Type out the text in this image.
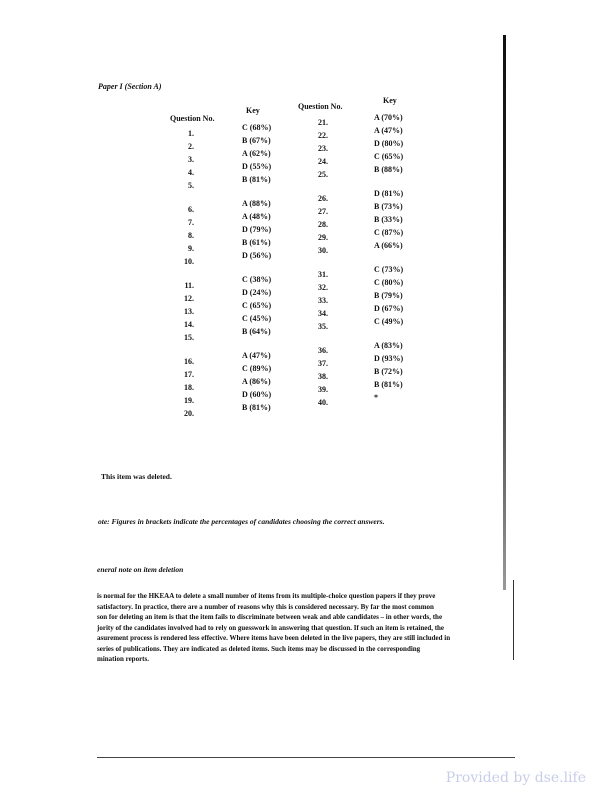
Paper I (Section A)
Question No.
Key	Question No.
Key
1.
2.
3.
4.
5.
6.
7.
8.
9.
10.
11.
12.
13.
14.
15.
16.
17.
18.
19.
20.
C (68%)
B (67%)
A (62%)
D (55%)
B (81%)
A (88%)
A (48%)
D (79%)
B (61%)
D (56%)
C (38%)
D (24%)
C (65%)
C (45%)
B (64%)
A (47%)
C (89%)
A (86%)
D (60%)
B (81%)
21.
22.
23.
24.
25.
26.
27.
28.
29.
30.
31.
32.
33.
34.
35.
36.
37.
38.
39.
40.
A (70%)
A (47%)
D (80%)
C (65%)
B (88%)
D (81%)
B (73%)
B (33%)
C (87%)
A (66%)
C (73%)
C (80%)
B (79%)
D (67%)
C (49%)
A (83%)
D (93%)
B (72%)
B (81%)
*
This item was deleted.
ote: Figures in brackets indicate the percentages of candidates choosing the correct answers.
eneral note on item deletion
is normal for the HKEAA to delete a small number of items from its multiple-choice question papers if they prove
satisfactory. In practice, there are a number of reasons why this is considered necessary. By far the most common
son for deleting an item is that the item fails to discriminate between weak and able candidates – in other words, the
jority of the candidates involved had to rely on guesswork in answering that question. If such an item is retained, the
asurement process is rendered less effective. Where items have been deleted in the live papers, they are still included in
series of publications. They are indicated as deleted items. Such items may be discussed in the corresponding
mination reports.
Provided by dse.life
